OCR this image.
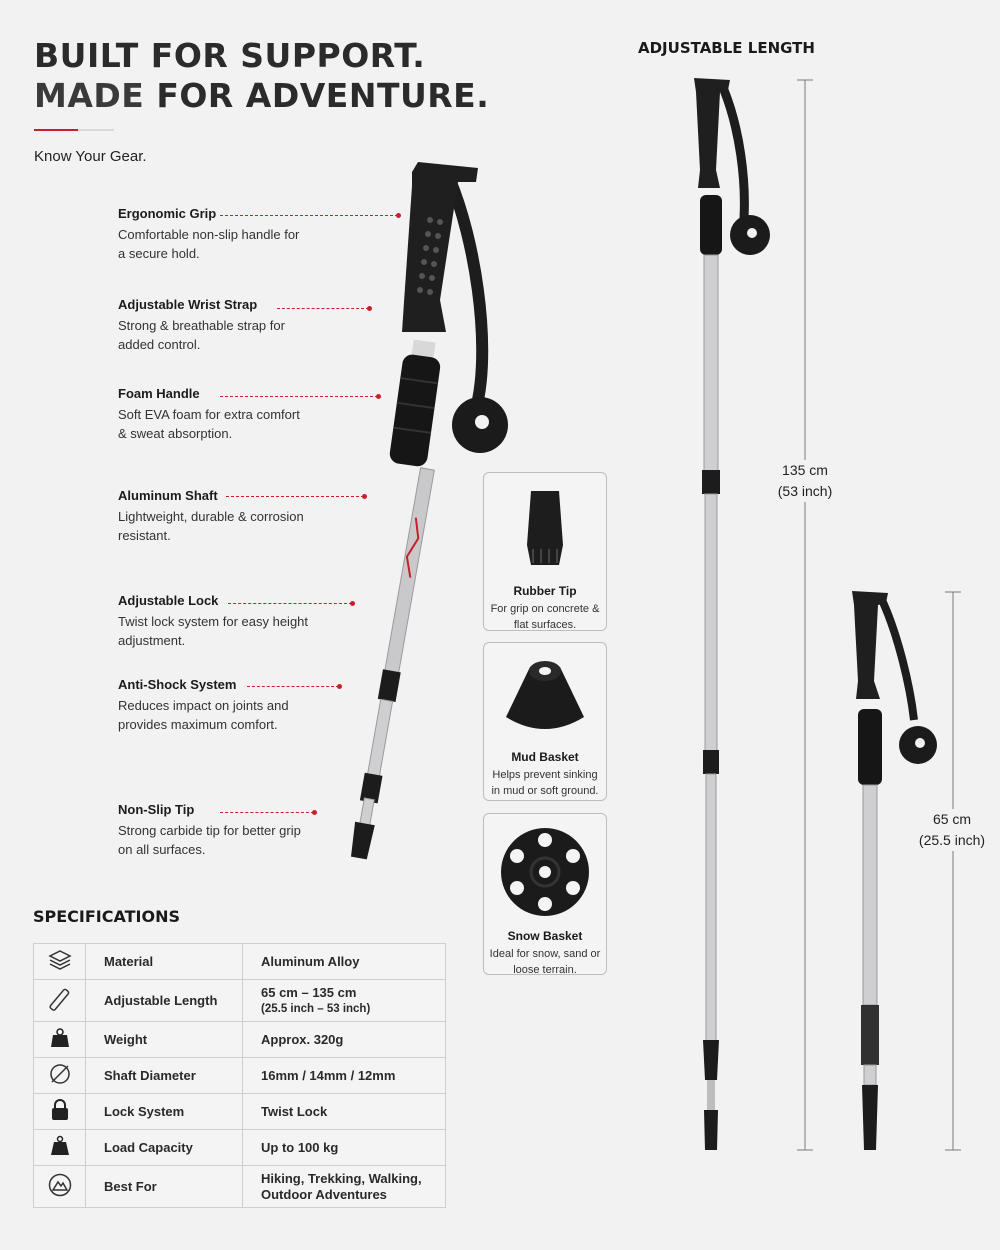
BUILT FOR SUPPORT.
MADE FOR ADVENTURE.
Know Your Gear.
Ergonomic Grip
Comfortable non-slip handle for a secure hold.
Adjustable Wrist Strap
Strong & breathable strap for added control.
Foam Handle
Soft EVA foam for extra comfort & sweat absorption.
Aluminum Shaft
Lightweight, durable & corrosion resistant.
Adjustable Lock
Twist lock system for easy height adjustment.
Anti-Shock System
Reduces impact on joints and provides maximum comfort.
Non-Slip Tip
Strong carbide tip for better grip on all surfaces.
Rubber Tip
For grip on concrete & flat surfaces.
Mud Basket
Helps prevent sinking in mud or soft ground.
Snow Basket
Ideal for snow, sand or loose terrain.
ADJUSTABLE LENGTH
135 cm
(53 inch)
65 cm
(25.5 inch)
SPECIFICATIONS
	Material	Aluminum Alloy

	Adjustable Length	65 cm – 135 cm
(25.5 inch – 53 inch)

	Weight	Approx. 320g

	Shaft Diameter	16mm / 14mm / 12mm

	Lock System	Twist Lock

	Load Capacity	Up to 100 kg

	Best For	Hiking, Trekking, Walking,
Outdoor Adventures
